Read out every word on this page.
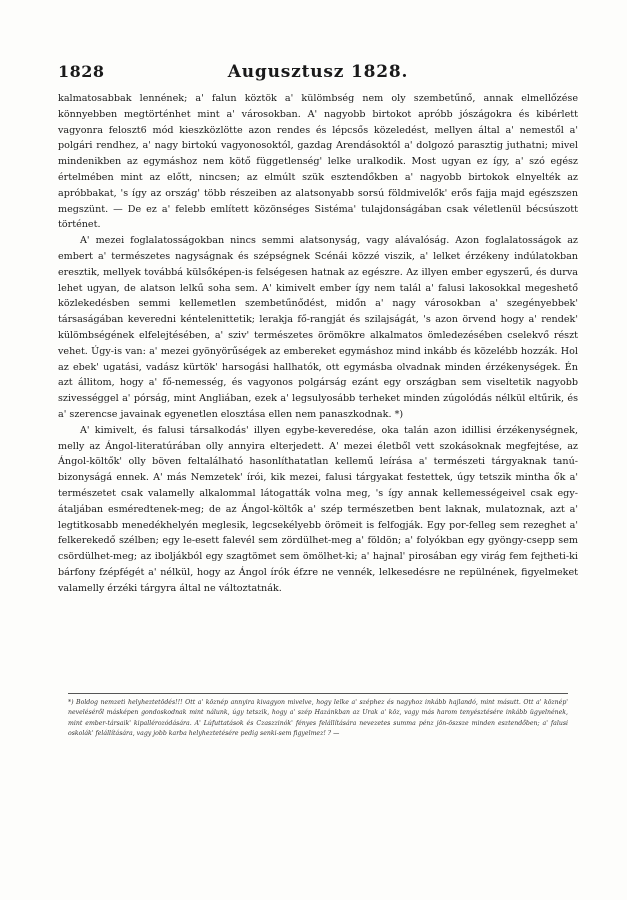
1828	Augusztusz 1828.

kalmatosabbak lennének; a' falun köztök a' külömbség nem oly szembetűnő, annak elmellőzése könnyebben megtörténhet mint a' városokban. A' nagyobb birtokot apróbb jószágokra és kibérlett vagyonra feloszt6 mód kieszközlötte azon rendes és lépcsős közeledést, mellyen által a' nemestől a' polgári rendhez, a' nagy birtokú vagyonosoktól, gazdag Arendásoktól a' dolgozó parasztig juthatni; mivel mindenikben az egymáshoz nem kötő függetlenség' lelke uralkodik. Most ugyan ez így, a' szó egész értelmében mint az előtt, nincsen; az elmúlt szük esztendőkben a' nagyobb birtokok elnyelték az apróbbakat, 's így az ország' több részeiben az alatsonyabb sorsú földmivelők' erős fajja majd egészszen megszünt. — De ez a' felebb említett közönséges Sistéma' tulajdonságában csak véletlenül bécsúszott történet.

A' mezei foglalatosságokban nincs semmi alatsonyság, vagy alávalóság. Azon foglalatosságok az embert a' természetes nagyságnak és szépségnek Scénái közzé viszik, a' lelket érzékeny indúlatokban eresztik, mellyek továbbá külsőképen-is felségesen hatnak az egészre. Az illyen ember egyszerű, és durva lehet ugyan, de alatson lelkű soha sem. A' kimivelt ember így nem talál a' falusi lakosokkal megeshető közlekedésben semmi kellemetlen szembetűnődést, midőn a' nagy városokban a' szegényebbek' társaságában keveredni kéntelenittetik; lerakja fő-rangját és szilajságát, 's azon örvend hogy a' rendek' külömbségének elfelejtésében, a' sziv' természetes örömökre alkalmatos ömledezésében cselekvő részt vehet. Úgy-is van: a' mezei gyönyörűségek az embereket egymáshoz mind inkább és közelébb hozzák. Hol az ebek' ugatási, vadász kürtök' harsogási hallhatók, ott egymásba olvadnak minden érzékenységek. Én azt állitom, hogy a' fő-nemesség, és vagyonos polgárság ezánt egy országban sem viseltetik nagyobb szivességgel a' pórság, mint Angliában, ezek a' legsulyosább terheket minden zúgolódás nélkül eltűrik, és a' szerencse javainak egyenetlen elosztása ellen nem panaszkodnak. *)

A' kimivelt, és falusi társalkodás' illyen egybe-keveredése, oka talán azon idillisi érzékenységnek, melly az Ángol-literatúrában olly annyira elterjedett. A' mezei életből vett szokásoknak megfejtése, az Ángol-költők' olly böven feltalálható hasonlíthatatlan kellemű leírása a' természeti tárgyaknak tanú-bizonyságá ennek. A' más Nemzetek' írói, kik mezei, falusi tárgyakat festettek, úgy tetszik mintha ők a' természetet csak valamelly alkalommal látogatták volna meg, 's így annak kellemességeivel csak egy-átaljában esméredtenek-meg; de az Ángol-költők a' szép természetben bent laknak, mulatoznak, azt a' legtitkosabb menedékhelyén meglesik, legcsekélyebb örömeit is felfogják. Egy por-felleg sem rezeghet a' felkerekedő szélben; egy le-esett falevél sem zördülhet-meg a' földön; a' folyókban egy gyöngy-csepp sem csördülhet-meg; az iboljákból egy szagtömet sem ömölhet-ki; a' hajnal' pirosában egy virág fem fejtheti-ki bárfony fzépfégét a' nélkül, hogy az Ángol írók éfzre ne vennék, lelkesedésre ne repülnének, figyelmeket valamelly érzéki tárgyra által ne változtatnák.

*) Boldog nemzeti helyheztetödés!!! Ott a' köznép annyira kivagyon mivelve, hogy lelke a' széphez és nagyhoz inkább hajlandó, mint másutt. Ott a' köznép' neveléséről másképen gondoskodnak mint nálunk, úgy tetszik, hogy a' szép Hazánkban az Urak a' köz, vagy más harom tenyésztésére inkább ügyelnének, mint ember-társaik' kipallérozódására. A' Lúfuttatások és Czaszzinók' fényes felállításárа nevezetes summa pénz jön-öszsze minden esztendőben; a' falusi oskolák' felállítására, vagy jobb karba helyheztetésére pedig senki-sem figyelmez! ? —
